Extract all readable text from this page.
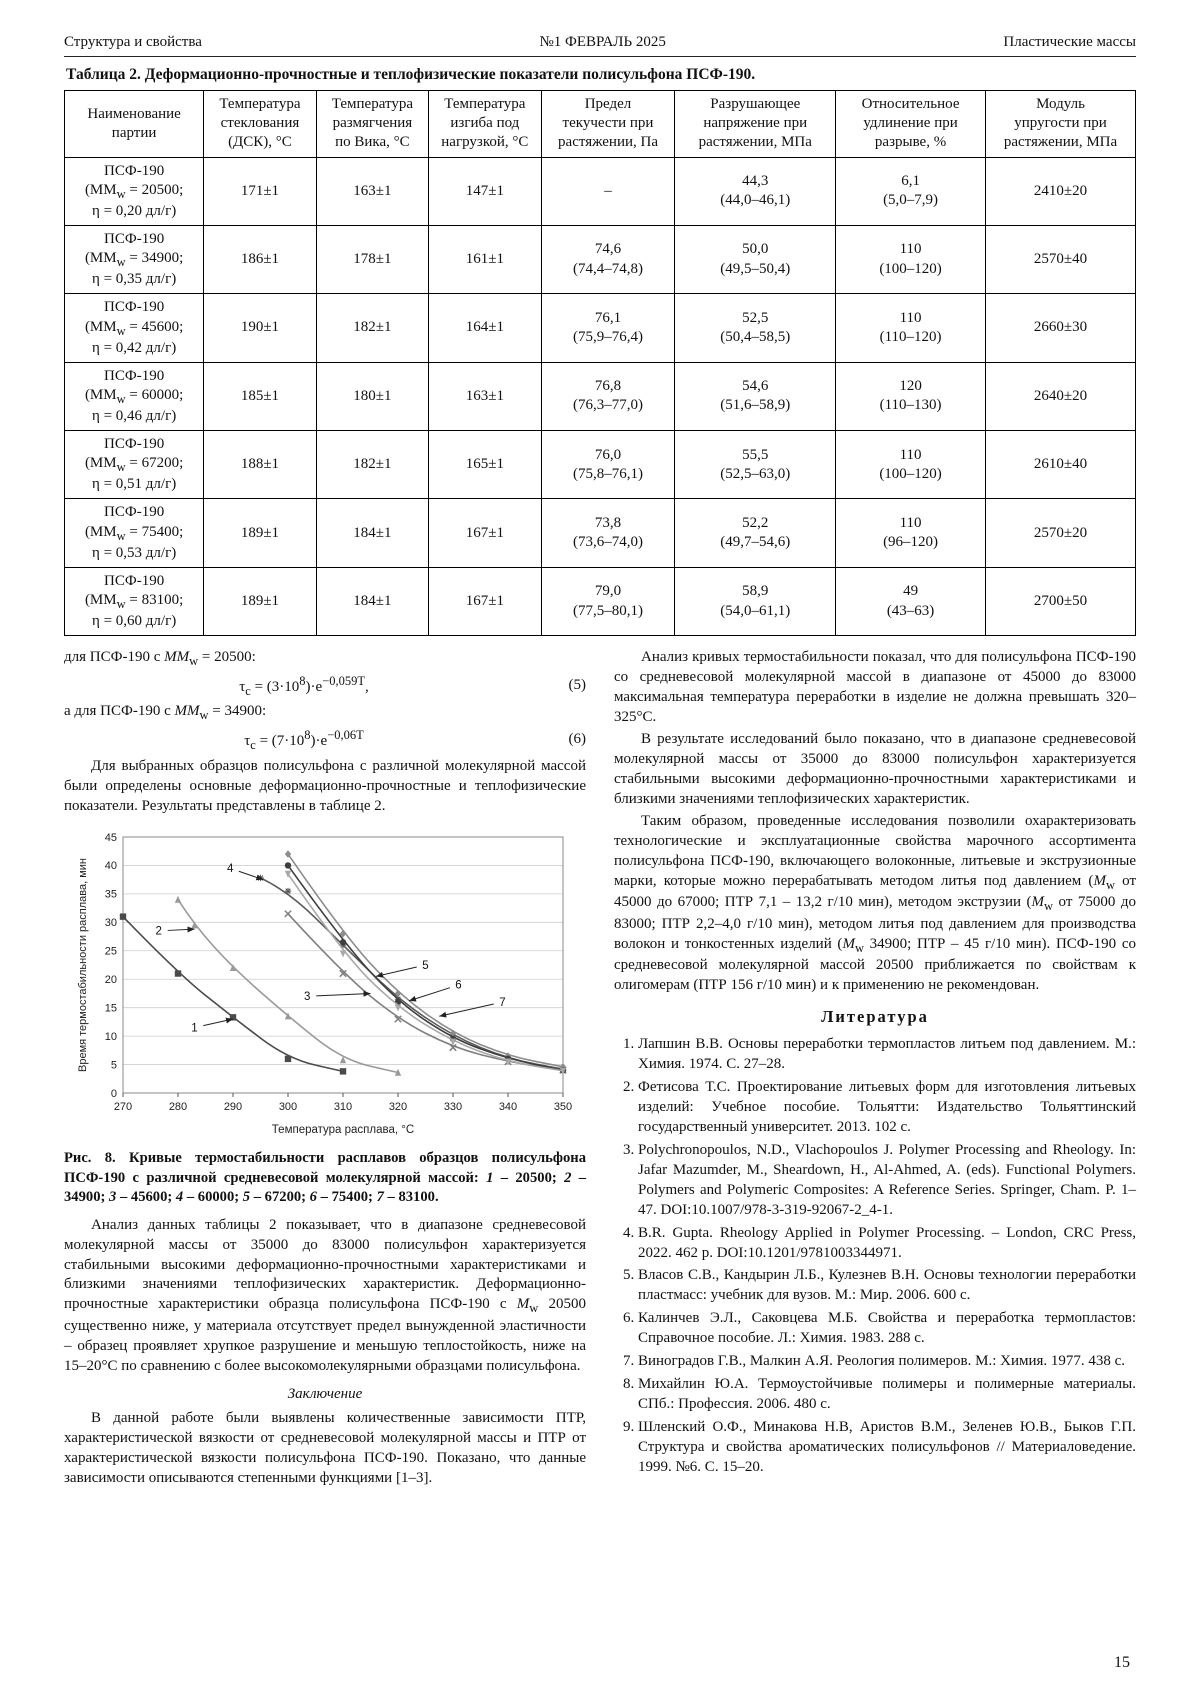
Структура и свойства	№1 ФЕВРАЛЬ 2025	Пластические массы
Таблица 2. Деформационно-прочностные и теплофизические показатели полисульфона ПСФ-190.
Наименование
партии	Температура
стеклования
(ДСК), °С	Температура
размягчения
по Вика, °С	Температура
изгиба под
нагрузкой, °С	Предел
текучести при
растяжении, Па	Разрушающее
напряжение при
растяжении, МПа	Относительное
удлинение при
разрыве, %	Модуль
упругости при
растяжении, МПа
ПСФ-190
($ММ_w = 20500$;
η = 0,20 дл/г)	171±1	163±1	147±1	–	44,3
(44,0–46,1)	6,1
(5,0–7,9)	2410±20
ПСФ-190
($ММ_w = 34900$;
η = 0,35 дл/г)	186±1	178±1	161±1	74,6
(74,4–74,8)	50,0
(49,5–50,4)	110
(100–120)	2570±40
ПСФ-190
($ММ_w = 45600$;
η = 0,42 дл/г)	190±1	182±1	164±1	76,1
(75,9–76,4)	52,5
(50,4–58,5)	110
(110–120)	2660±30
ПСФ-190
($ММ_w = 60000$;
η = 0,46 дл/г)	185±1	180±1	163±1	76,8
(76,3–77,0)	54,6
(51,6–58,9)	120
(110–130)	2640±20
ПСФ-190
($ММ_w = 67200$;
η = 0,51 дл/г)	188±1	182±1	165±1	76,0
(75,8–76,1)	55,5
(52,5–63,0)	110
(100–120)	2610±40
ПСФ-190
($ММ_w = 75400$;
η = 0,53 дл/г)	189±1	184±1	167±1	73,8
(73,6–74,0)	52,2
(49,7–54,6)	110
(96–120)	2570±20
ПСФ-190
($ММ_w = 83100$;
η = 0,60 дл/г)	189±1	184±1	167±1	79,0
(77,5–80,1)	58,9
(54,0–61,1)	49
(43–63)	2700±50
для ПСФ-190 с $ММ_w = 20500$:
$\tau_с = (3\cdot 10^8)\cdot e^{-0,059Т}$,	(5)
а для ПСФ-190 с $ММ_w = 34900$:
$\tau_с = (7\cdot 10^8)\cdot e^{-0,06Т}$	(6)

Для выбранных образцов полисульфона с различной молекулярной массой были определены основные деформационно-прочностные и теплофизические показатели. Результаты представлены в таблице 2.

0
5
10
15
20
25
30
35
40
45
270	280	290	300	310	320	330	340	350
1
2
3
4
5
6
7
Температура расплава, °С
Время термостабильности расплава, мин
Рис. 8. Кривые термостабильности расплавов образцов полисульфона ПСФ-190 с различной средневесовой молекулярной массой: 1 – 20500; 2 – 34900; 3 – 45600; 4 – 60000; 5 – 67200; 6 – 75400; 7 – 83100.

Анализ данных таблицы 2 показывает, что в диапазоне средневесовой молекулярной массы от 35000 до 83000 полисульфон характеризуется стабильными высокими деформационно-прочностными характеристиками и близкими значениями теплофизических характеристик. Деформационно-прочностные характеристики образца полисульфона ПСФ-190 с $М_w$ 20500 существенно ниже, у материала отсутствует предел вынужденной эластичности – образец проявляет хрупкое разрушение и меньшую теплостойкость, ниже на 15–20°С по сравнению с более высокомолекулярными образцами полисульфона.

Заключение

В данной работе были выявлены количественные зависимости ПТР, характеристической вязкости от средневесовой молекулярной массы и ПТР от характеристической вязкости полисульфона ПСФ-190. Показано, что данные зависимости описываются степенными функциями [1–3].

Анализ кривых термостабильности показал, что для полисульфона ПСФ-190 со средневесовой молекулярной массой в диапазоне от 45000 до 83000 максимальная температура переработки в изделие не должна превышать 320–325°С.

В результате исследований было показано, что в диапазоне средневесовой молекулярной массы от 35000 до 83000 полисульфон характеризуется стабильными высокими деформационно-прочностными характеристиками и близкими значениями теплофизических характеристик.

Таким образом, проведенные исследования позволили охарактеризовать технологические и эксплуатационные свойства марочного ассортимента полисульфона ПСФ-190, включающего волоконные, литьевые и экструзионные марки, которые можно перерабатывать методом литья под давлением ($М_w$ от 45000 до 67000; ПТР 7,1 – 13,2 г/10 мин), методом экструзии ($М_w$ от 75000 до 83000; ПТР 2,2–4,0 г/10 мин), методом литья под давлением для производства волокон и тонкостенных изделий ($М_w$ 34900; ПТР – 45 г/10 мин). ПСФ-190 со средневесовой молекулярной массой 20500 приближается по свойствам к олигомерам (ПТР 156 г/10 мин) и к применению не рекомендован.

Литература
1. Лапшин В.В. Основы переработки термопластов литьем под давлением. М.: Химия. 1974. С. 27–28.
2. Фетисова Т.С. Проектирование литьевых форм для изготовления литьевых изделий: Учебное пособие. Тольятти: Издательство Тольяттинский государственный университет. 2013. 102 с.
3. Polychronopoulos, N.D., Vlachopoulos J. Polymer Processing and Rheology. In: Jafar Mazumder, M., Sheardown, H., Al-Ahmed, A. (eds). Functional Polymers. Polymers and Polymeric Composites: A Reference Series. Springer, Cham. P. 1–47. DOI:10.1007/978-3-319-92067-2_4-1.
4. B.R. Gupta. Rheology Applied in Polymer Processing. – London, CRC Press, 2022. 462 p. DOI:10.1201/9781003344971.
5. Власов С.В., Кандырин Л.Б., Кулезнев В.Н. Основы технологии переработки пластмасс: учебник для вузов. М.: Мир. 2006. 600 с.
6. Калинчев Э.Л., Саковцева М.Б. Свойства и переработка термопластов: Справочное пособие. Л.: Химия. 1983. 288 с.
7. Виноградов Г.В., Малкин А.Я. Реология полимеров. М.: Химия. 1977. 438 с.
8. Михайлин Ю.А. Термоустойчивые полимеры и полимерные материалы. СПб.: Профессия. 2006. 480 с.
9. Шленский О.Ф., Минакова Н.В, Аристов В.М., Зеленев Ю.В., Быков Г.П. Структура и свойства ароматических полисульфонов // Материаловедение. 1999. №6. С. 15–20.
15
